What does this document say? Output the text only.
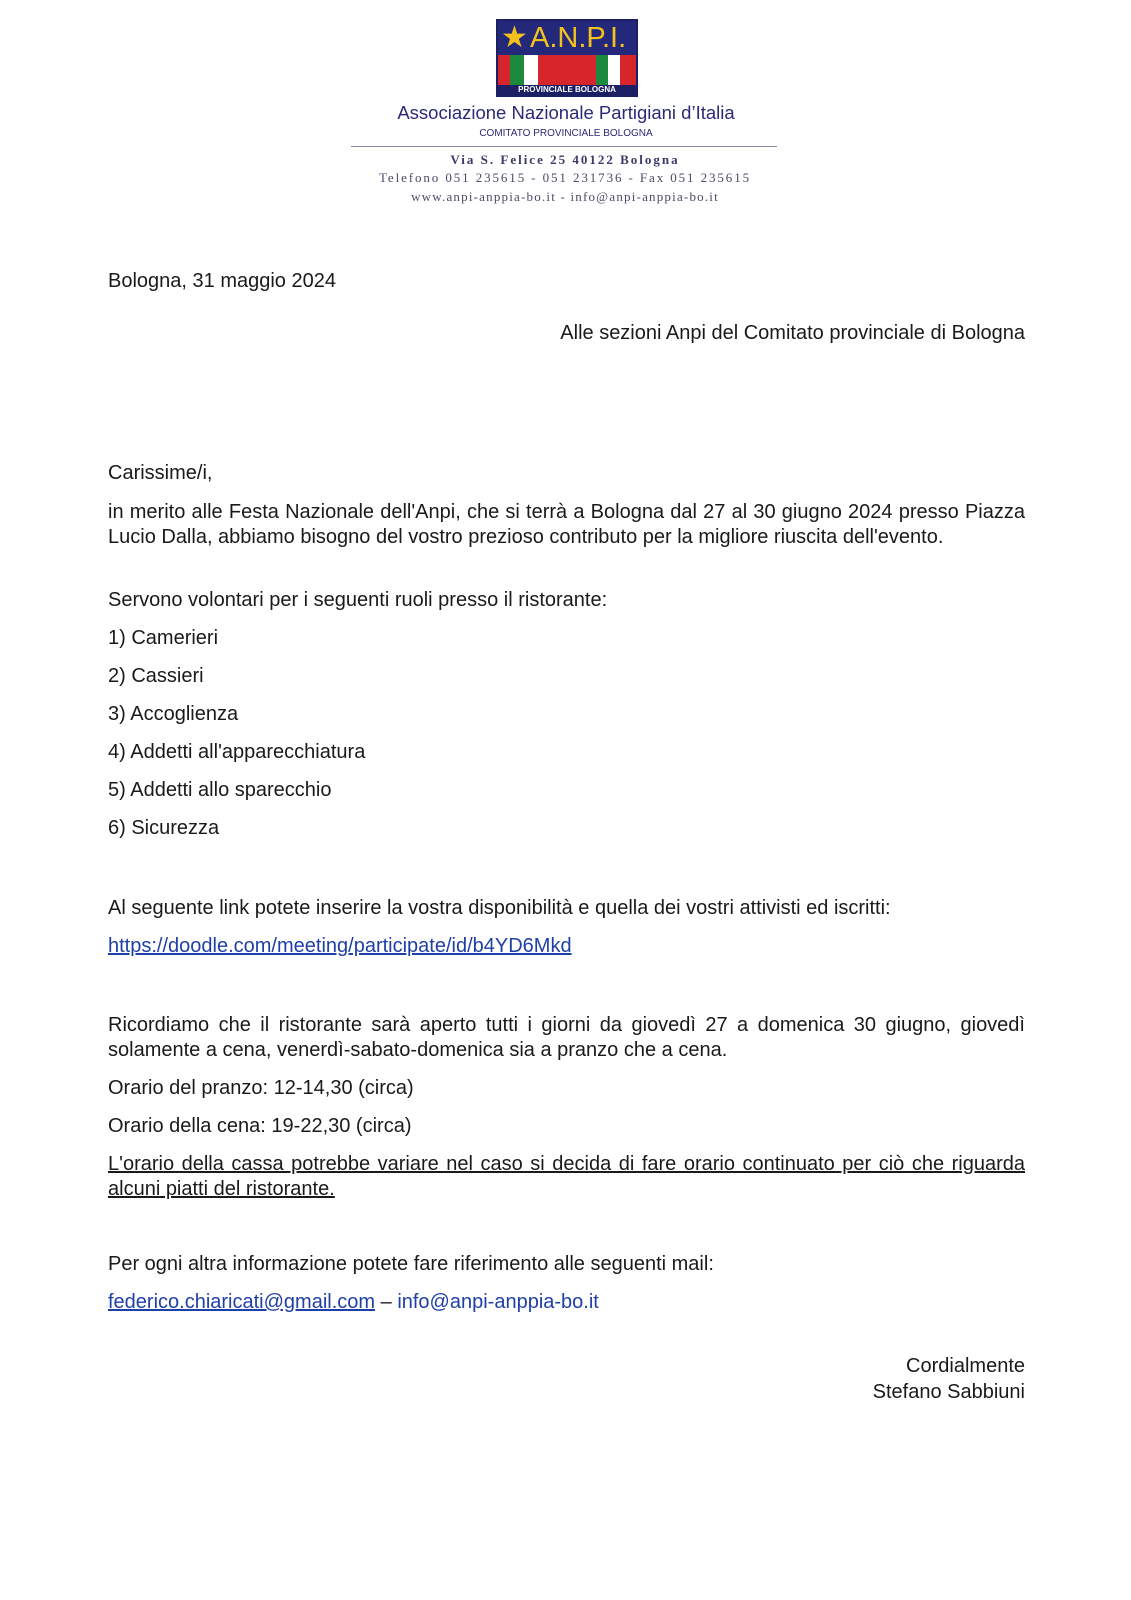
★ A.N.P.I.
PROVINCIALE BOLOGNA
Associazione Nazionale Partigiani d’Italia
COMITATO PROVINCIALE BOLOGNA
Via S. Felice 25 40122 Bologna
Telefono 051 235615 - 051 231736 - Fax 051 235615
www.anpi-anppia-bo.it - info@anpi-anppia-bo.it

Bologna, 31 maggio 2024

Alle sezioni Anpi del Comitato provinciale di Bologna

Carissime/i,

in merito alle Festa Nazionale dell'Anpi, che si terrà a Bologna dal 27 al 30 giugno 2024 presso Piazza Lucio Dalla, abbiamo bisogno del vostro prezioso contributo per la migliore riuscita dell'evento.

Servono volontari per i seguenti ruoli presso il ristorante:

1) Camerieri

2) Cassieri

3) Accoglienza

4) Addetti all'apparecchiatura

5) Addetti allo sparecchio

6) Sicurezza

Al seguente link potete inserire la vostra disponibilità e quella dei vostri attivisti ed iscritti:

https://doodle.com/meeting/participate/id/b4YD6Mkd

Ricordiamo che il ristorante sarà aperto tutti i giorni da giovedì 27 a domenica 30 giugno, giovedì solamente a cena, venerdì-sabato-domenica sia a pranzo che a cena.

Orario del pranzo: 12-14,30 (circa)

Orario della cena: 19-22,30 (circa)

L'orario della cassa potrebbe variare nel caso si decida di fare orario continuato per ciò che riguarda alcuni piatti del ristorante.

Per ogni altra informazione potete fare riferimento alle seguenti mail:

federico.chiaricati@gmail.com – info@anpi-anppia-bo.it

Cordialmente

Stefano Sabbiuni
